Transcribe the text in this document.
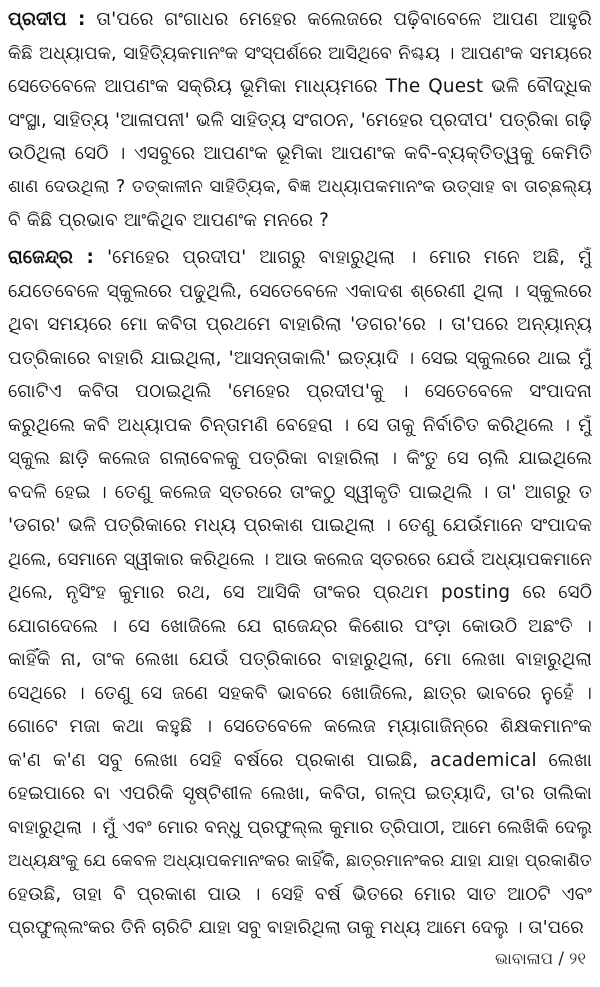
ପ୍ରଦୀପ : ତା'ପରେ ଗଂଗାଧର ମେହେର କଲେଜରେ ପଢ଼ିବାବେଳେ ଆପଣ ଆହୁରି
କିଛି ଅଧ୍ୟାପକ, ସାହିତ୍ୟିକମାନଂକ ସଂସ୍ପର୍ଶରେ ଆସିଥିବେ ନିଶ୍ଚୟ । ଆପଣଂକ ସମୟରେ
ସେତେବେଳେ ଆପଣଂକ ସକ୍ରିୟ ଭୂମିକା ମାଧ୍ୟମରେ The Quest ଭଳି ବୌଦ୍ଧିକ
ସଂସ୍ଥା, ସାହିତ୍ୟ 'ଆଳାପନୀ' ଭଳି ସାହିତ୍ୟ ସଂଗଠନ, 'ମେହେର ପ୍ରଦୀପ' ପତ୍ରିକା ଗଢ଼ି
ଉଠିଥିଲା ସେଠି । ଏସବୁରେ ଆପଣଂକ ଭୂମିକା ଆପଣଂକ କବି-ବ୍ୟକ୍ତିତ୍ୱକୁ କେମିତି
ଶାଣ ଦେଉଥିଲା ? ତତ୍କାଳୀନ ସାହିତ୍ୟିକ, ବିଜ୍ଞ ଅଧ୍ୟାପକମାନଂକ ଉତ୍ସାହ ବା ତାଚ୍ଛଲ୍ୟ
ବି କିଛି ପ୍ରଭାବ ଆଂକିଥିବ ଆପଣଂକ ମନରେ ?
ରାଜେନ୍ଦ୍ର : 'ମେହେର ପ୍ରଦୀପ' ଆଗରୁ ବାହାରୁଥିଲା । ମୋର ମନେ ଅଛି, ମୁଁ
ଯେତେବେଳେ ସ୍କୁଲରେ ପଢୁଥିଲି, ସେତେବେଳେ ଏକାଦଶ ଶ୍ରେଣୀ ଥିଲା । ସ୍କୁଲରେ
ଥିବା ସମୟରେ ମୋ କବିତା ପ୍ରଥମେ ବାହାରିଲା 'ଡଗର'ରେ । ତା'ପରେ ଅନ୍ୟାନ୍ୟ
ପତ୍ରିକାରେ ବାହାରି ଯାଇଥିଲା, 'ଆସନ୍ତାକାଲି' ଇତ୍ୟାଦି । ସେଇ ସ୍କୁଲରେ ଥାଇ ମୁଁ
ଗୋଟିଏ କବିତା ପଠାଇଥିଲି 'ମେହେର ପ୍ରଦୀପ'କୁ । ସେତେବେଳେ ସଂପାଦନା
କରୁଥିଲେ କବି ଅଧ୍ୟାପକ ଚିନ୍ତାମଣି ବେହେରା । ସେ ତାକୁ ନିର୍ବାଚିତ କରିଥିଲେ । ମୁଁ
ସ୍କୁଲ ଛାଡ଼ି କଲେଜ ଗଲାବେଳକୁ ପତ୍ରିକା ବାହାରିଲା । କିଂତୁ ସେ ଚାଲି ଯାଇଥିଲେ
ବଦଳି ହେଇ । ତେଣୁ କଲେଜ ସ୍ତରରେ ତାଂକଠୁ ସ୍ୱୀକୃତି ପାଇଥିଲି । ତା' ଆଗରୁ ତ
'ଡଗର' ଭଳି ପତ୍ରିକାରେ ମଧ୍ୟ ପ୍ରକାଶ ପାଇଥିଲା । ତେଣୁ ଯେଉଁମାନେ ସଂପାଦକ
ଥିଲେ, ସେମାନେ ସ୍ୱୀକାର କରିଥିଲେ । ଆଉ କଲେଜ ସ୍ତରରେ ଯେଉଁ ଅଧ୍ୟାପକମାନେ
ଥିଲେ, ନୃସିଂହ କୁମାର ରଥ, ସେ ଆସିକି ତାଂକର ପ୍ରଥମ posting ରେ ସେଠି
ଯୋଗଦେଲେ । ସେ ଖୋଜିଲେ ଯେ ରାଜେନ୍ଦ୍ର କିଶୋର ପଂଡ଼ା କୋଉଠି ଅଛଂତି ।
କାହିଁକି ନା, ତାଂକ ଲେଖା ଯେଉଁ ପତ୍ରିକାରେ ବାହାରୁଥିଲା, ମୋ ଲେଖା ବାହାରୁଥିଲା
ସେଥିରେ । ତେଣୁ ସେ ଜଣେ ସହକବି ଭାବରେ ଖୋଜିଲେ, ଛାତ୍ର ଭାବରେ ନୁହେଁ ।
ଗୋଟେ ମଜା କଥା କହୁଛି । ସେତେବେଳେ କଲେଜ ମ୍ୟାଗାଜିନ୍‌ରେ ଶିକ୍ଷକମାନଂକ
କ'ଣ କ'ଣ ସବୁ ଲେଖା ସେହି ବର୍ଷରେ ପ୍ରକାଶ ପାଇଛି, academical ଲେଖା
ହେଇପାରେ ବା ଏପରିକି ସୃଷ୍ଟିଶୀଳ ଲେଖା, କବିତା, ଗଳ୍ପ ଇତ୍ୟାଦି, ତା'ର ତାଲିକା
ବାହାରୁଥିଲା । ମୁଁ ଏବଂ ମୋର ବନ୍ଧୁ ପ୍ରଫୁଲ୍ଲ କୁମାର ତ୍ରିପାଠୀ, ଆମେ ଲେଖିକି ଦେଲୁ
ଅଧ୍ୟକ୍ଷଂକୁ ଯେ କେବଳ ଅଧ୍ୟାପକମାନଂକର କାହିଁକି, ଛାତ୍ରମାନଂକର ଯାହା ଯାହା ପ୍ରକାଶିତ
ହେଉଛି, ତାହା ବି ପ୍ରକାଶ ପାଉ । ସେହି ବର୍ଷ ଭିତରେ ମୋର ସାତ ଆଠଟି ଏବଂ
ପ୍ରଫୁଲ୍ଲଂକର ତିନି ଚାରିଟି ଯାହା ସବୁ ବାହାରିଥିଲା ତାକୁ ମଧ୍ୟ ଆମେ ଦେଲୁ । ତା'ପରେ
ଭାବାଳାପ / ୨୧
